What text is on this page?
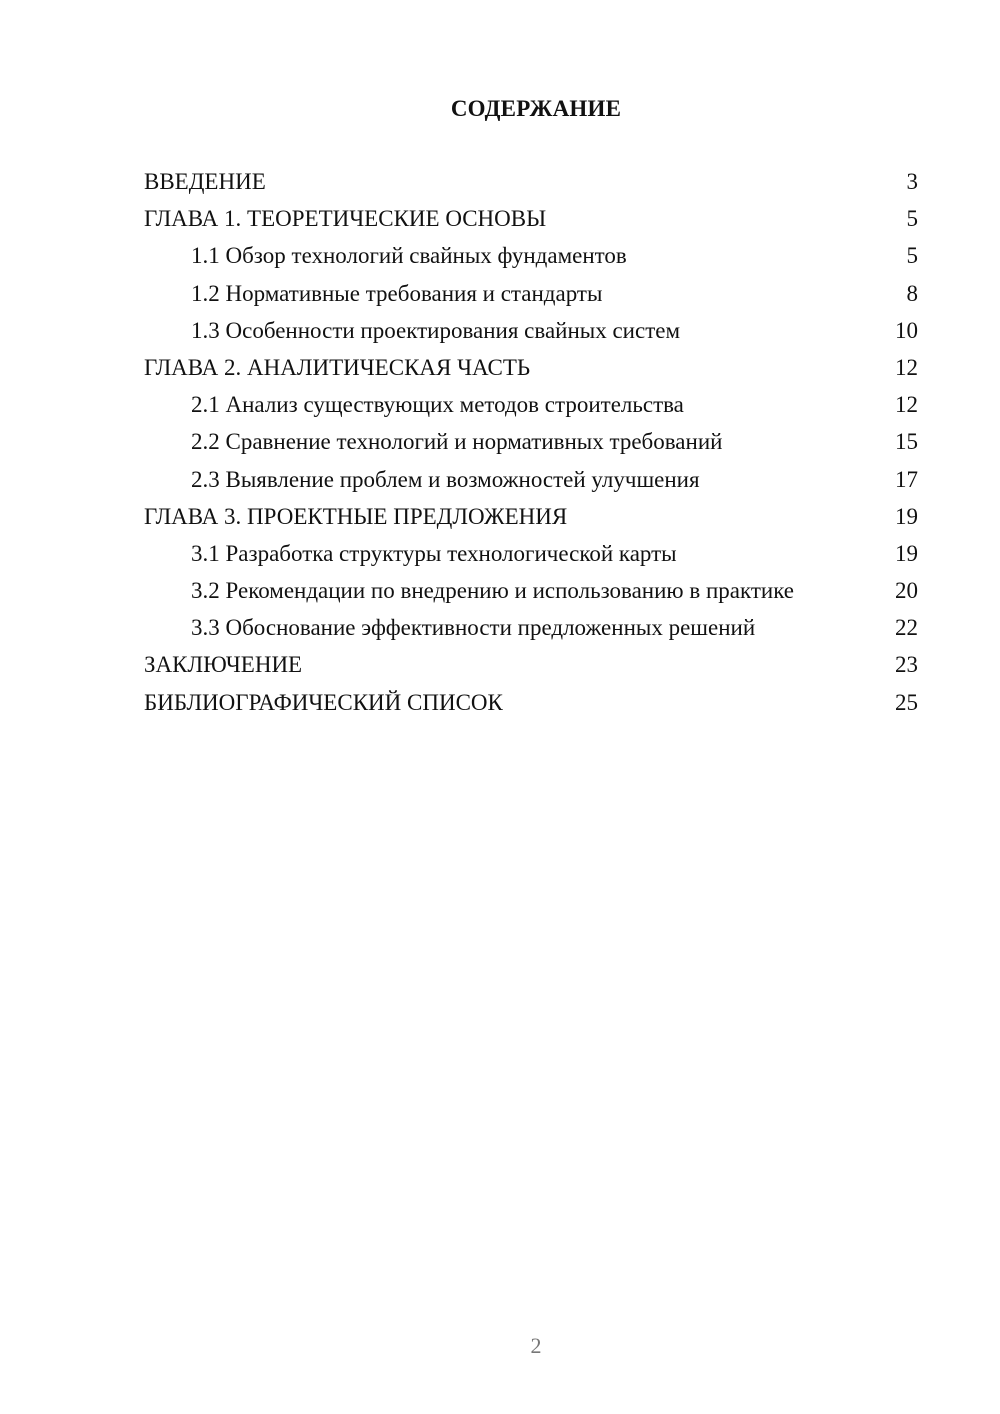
СОДЕРЖАНИЕ
ВВЕДЕНИЕ	3
ГЛАВА 1. ТЕОРЕТИЧЕСКИЕ ОСНОВЫ	5
1.1 Обзор технологий свайных фундаментов	5
1.2 Нормативные требования и стандарты	8
1.3 Особенности проектирования свайных систем	10
ГЛАВА 2. АНАЛИТИЧЕСКАЯ ЧАСТЬ	12
2.1 Анализ существующих методов строительства	12
2.2 Сравнение технологий и нормативных требований	15
2.3 Выявление проблем и возможностей улучшения	17
ГЛАВА 3. ПРОЕКТНЫЕ ПРЕДЛОЖЕНИЯ	19
3.1 Разработка структуры технологической карты	19
3.2 Рекомендации по внедрению и использованию в практике	20
3.3 Обоснование эффективности предложенных решений	22
ЗАКЛЮЧЕНИЕ	23
БИБЛИОГРАФИЧЕСКИЙ СПИСОК	25
2
